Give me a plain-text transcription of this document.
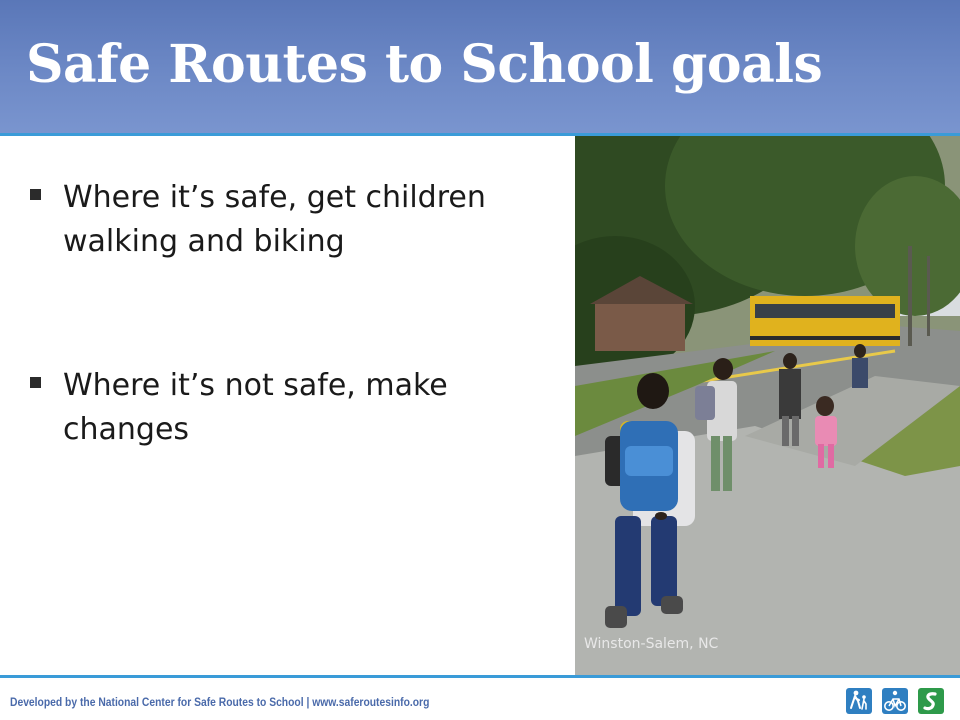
Safe Routes to School goals
Where it’s safe, get children walking and biking
Where it’s not safe, make changes
Winston-Salem, NC
Developed by the National Center for Safe Routes to School | www.saferoutesinfo.org
